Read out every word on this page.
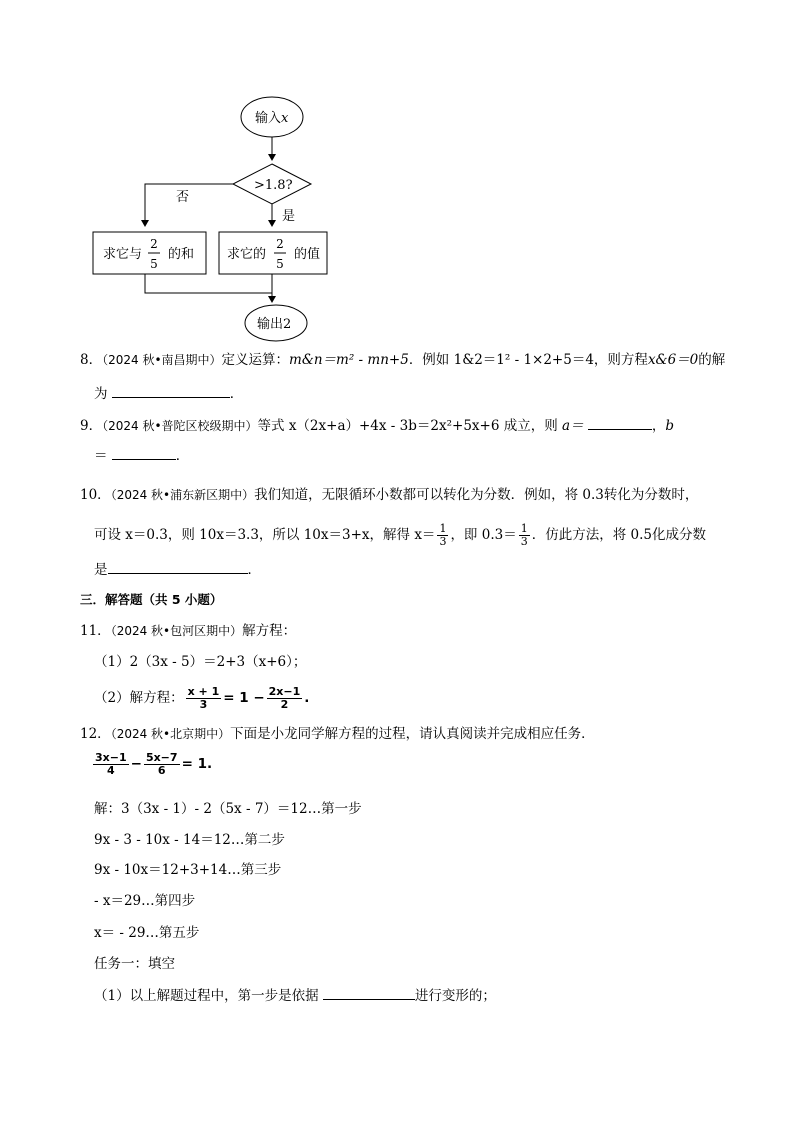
输入x
>1.8?
否
是
求它与
2
5
的和	求它的
2
5
的值
输出2
8．（2024 秋•南昌期中）定义运算：m&n＝m² - mn+5．例如 1&2＝1² - 1×2+5＝4，则方程x&6＝0的解
为	．
9．（2024 秋•普陀区校级期中）等式 x（2x+a）+4x - 3b＝2x²+5x+6 成立，则 a＝	，b
＝	．
10．（2024 秋•浦东新区期中）我们知道，无限循环小数都可以转化为分数．例如，将 0.3转化为分数时，
可设 x＝0.3，则 10x＝3.3，所以 10x＝3+x，解得 $x= \frac{1}{3}$ ，即 $0.3= \frac{1}{3}$ ．仿此方法，将 0.5化成分数
是	．
三．解答题（共 5 小题）
11．（2024 秋•包河区期中）解方程：
（1）2（3x - 5）＝2+3（x+6）；
（2）解方程： $\frac{x + 1}{3} = 1 - \frac{2x-1}{2}$ .
12．（2024 秋•北京期中）下面是小龙同学解方程的过程，请认真阅读并完成相应任务．
$\frac{3x-1}{4} - \frac{5x-7}{6} = 1$.
解：3（3x - 1）- 2（5x - 7）＝12…第一步
9x - 3 - 10x - 14＝12…第二步
9x - 10x＝12+3+14…第三步
- x＝29…第四步
x＝ - 29…第五步
任务一：填空
（1）以上解题过程中，第一步是依据	进行变形的；
